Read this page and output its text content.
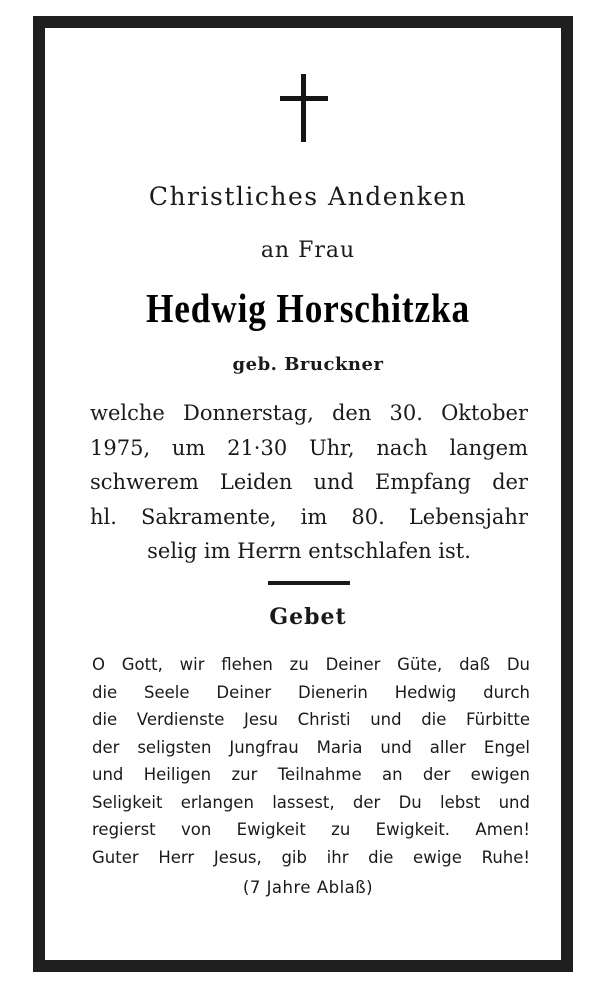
Christliches Andenken
an Frau
Hedwig Horschitzka
geb. Bruckner
welche Donnerstag, den 30. Oktober
1975, um 21·30 Uhr, nach langem
schwerem Leiden und Empfang der
hl. Sakramente, im 80. Lebensjahr
selig im Herrn entschlafen ist.
Gebet
O Gott, wir flehen zu Deiner Güte, daß Du
die Seele Deiner Dienerin Hedwig durch
die Verdienste Jesu Christi und die Fürbitte
der seligsten Jungfrau Maria und aller Engel
und Heiligen zur Teilnahme an der ewigen
Seligkeit erlangen lassest, der Du lebst und
regierst von Ewigkeit zu Ewigkeit. Amen!
Guter Herr Jesus, gib ihr die ewige Ruhe!
(7 Jahre Ablaß)
